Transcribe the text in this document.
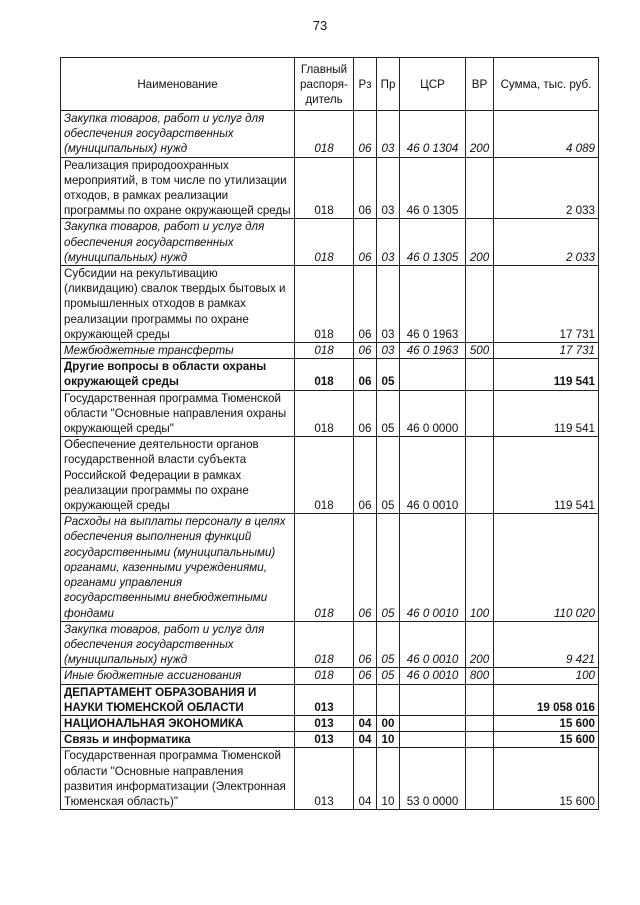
73
Наименование	Главный распоря-дитель	Рз	Пр	ЦСР	ВР	Сумма, тыс. руб.
Закупка товаров, работ и услуг для обеспечения государственных (муниципальных) нужд	018	06	03	46 0 1304	200	4 089
Реализация природоохранных мероприятий, в том числе по утилизации отходов, в рамках реализации программы по охране окружающей среды	018	06	03	46 0 1305		2 033
Закупка товаров, работ и услуг для обеспечения государственных (муниципальных) нужд	018	06	03	46 0 1305	200	2 033
Субсидии на рекультивацию (ликвидацию) свалок твердых бытовых и промышленных отходов в рамках реализации программы по охране окружающей среды	018	06	03	46 0 1963		17 731
Межбюджетные трансферты	018	06	03	46 0 1963	500	17 731
Другие вопросы в области охраны окружающей среды	018	06	05			119 541
Государственная программа Тюменской области "Основные направления охраны окружающей среды"	018	06	05	46 0 0000		119 541
Обеспечение деятельности органов государственной власти субъекта Российской Федерации в рамках реализации программы по охране окружающей среды	018	06	05	46 0 0010		119 541
Расходы на выплаты персоналу в целях обеспечения выполнения функций государственными (муниципальными) органами, казенными учреждениями, органами управления государственными внебюджетными фондами	018	06	05	46 0 0010	100	110 020
Закупка товаров, работ и услуг для обеспечения государственных (муниципальных) нужд	018	06	05	46 0 0010	200	9 421
Иные бюджетные ассигнования	018	06	05	46 0 0010	800	100
ДЕПАРТАМЕНТ ОБРАЗОВАНИЯ И НАУКИ ТЮМЕНСКОЙ ОБЛАСТИ	013					19 058 016
НАЦИОНАЛЬНАЯ ЭКОНОМИКА	013	04	00			15 600
Связь и информатика	013	04	10			15 600
Государственная программа Тюменской области "Основные направления развития информатизации (Электронная Тюменская область)"	013	04	10	53 0 0000		15 600
